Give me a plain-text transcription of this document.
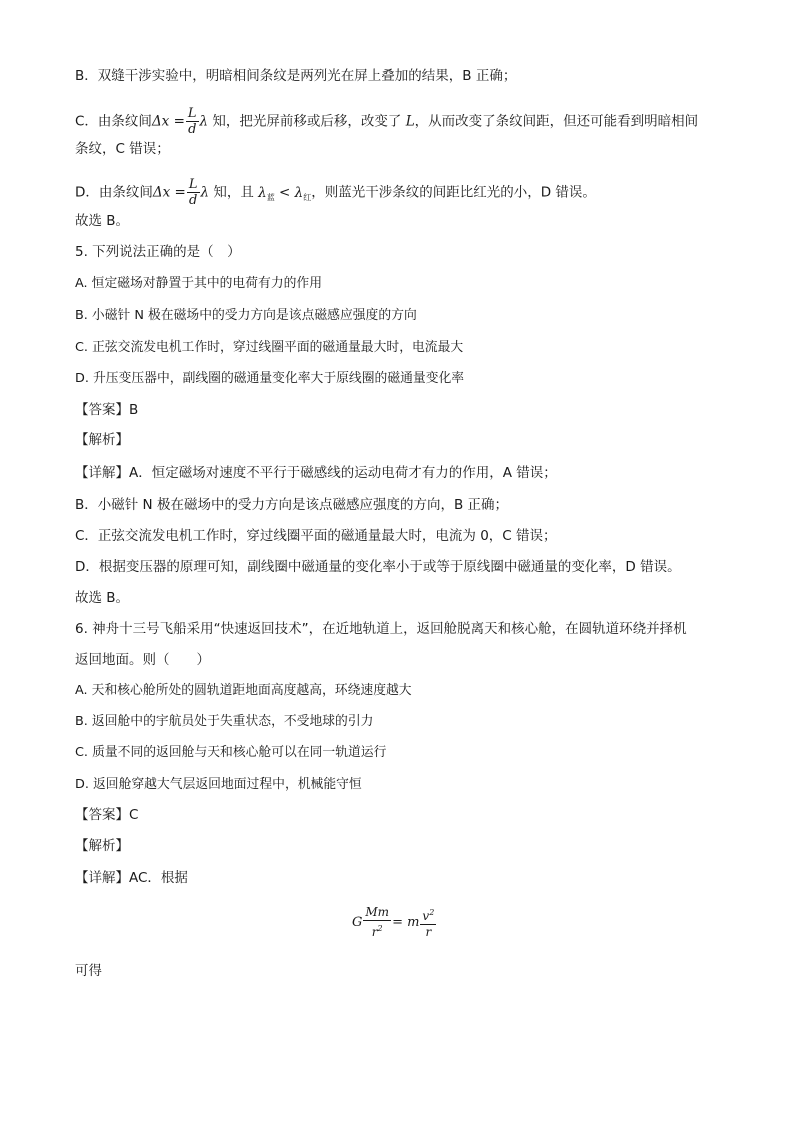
B．双缝干涉实验中，明暗相间条纹是两列光在屏上叠加的结果，B 正确；
C．由条纹间$\Delta x = \frac{L}{d}$ λ 知，把光屏前移或后移，改变了 L，从而改变了条纹间距，但还可能看到明暗相间
条纹，C 错误；
D．由条纹间$\Delta x = \frac{L}{d}$ λ 知，且 $\lambda_蓝 < \lambda_红$，则蓝光干涉条纹的间距比红光的小，D 错误。
故选 B。
5. 下列说法正确的是（　）
A. 恒定磁场对静置于其中的电荷有力的作用
B. 小磁针 N 极在磁场中的受力方向是该点磁感应强度的方向
C. 正弦交流发电机工作时，穿过线圈平面的磁通量最大时，电流最大
D. 升压变压器中，副线圈的磁通量变化率大于原线圈的磁通量变化率
【答案】B
【解析】
【详解】A．恒定磁场对速度不平行于磁感线的运动电荷才有力的作用，A 错误；
B．小磁针 N 极在磁场中的受力方向是该点磁感应强度的方向，B 正确；
C．正弦交流发电机工作时，穿过线圈平面的磁通量最大时，电流为 0，C 错误；
D．根据变压器的原理可知，副线圈中磁通量的变化率小于或等于原线圈中磁通量的变化率，D 错误。
故选 B。
6. 神舟十三号飞船采用“快速返回技术”，在近地轨道上，返回舱脱离天和核心舱，在圆轨道环绕并择机
返回地面。则（　　）
A. 天和核心舱所处的圆轨道距地面高度越高，环绕速度越大
B. 返回舱中的宇航员处于失重状态，不受地球的引力
C. 质量不同的返回舱与天和核心舱可以在同一轨道运行
D. 返回舱穿越大气层返回地面过程中，机械能守恒
【答案】C
【解析】
【详解】AC．根据
G $\frac{Mm}{r^2} = m \frac{v^2}{r}$
可得
